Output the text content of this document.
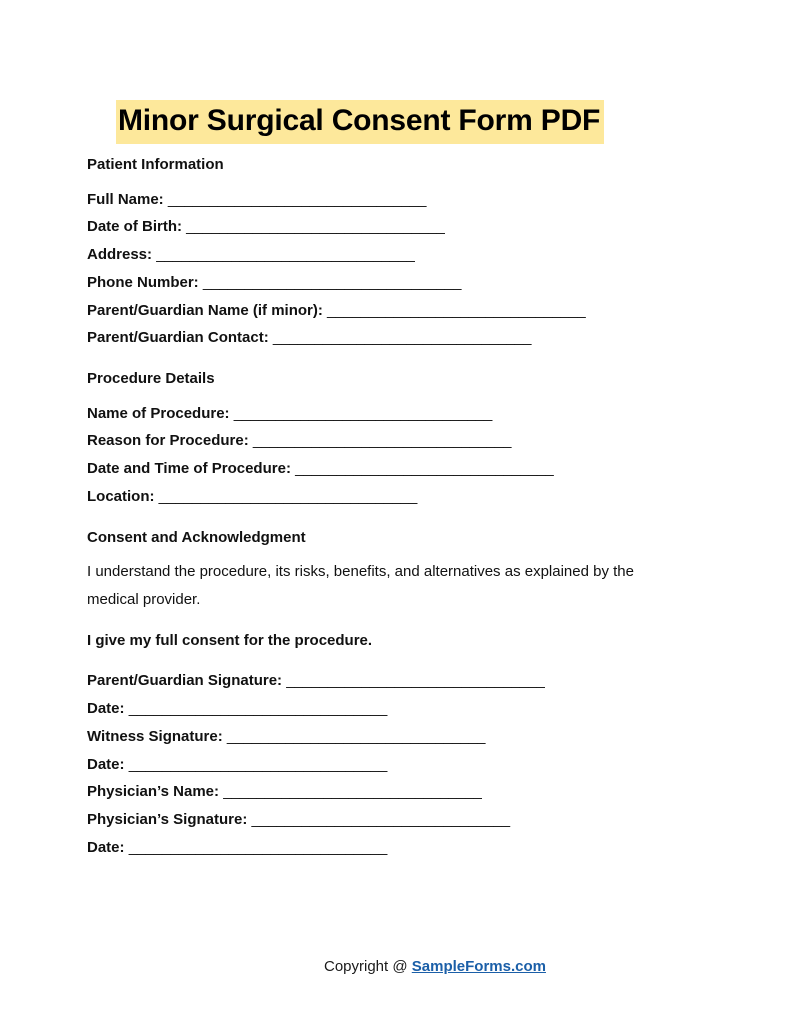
Minor Surgical Consent Form PDF
Patient Information
Full Name: _______________________________
Date of Birth: _______________________________
Address: _______________________________
Phone Number: _______________________________
Parent/Guardian Name (if minor): _______________________________
Parent/Guardian Contact: _______________________________
Procedure Details
Name of Procedure: _______________________________
Reason for Procedure: _______________________________
Date and Time of Procedure: _______________________________
Location: _______________________________
Consent and Acknowledgment

I understand the procedure, its risks, benefits, and alternatives as explained by the medical provider.

I give my full consent for the procedure.

Parent/Guardian Signature: _______________________________
Date: _______________________________
Witness Signature: _______________________________
Date: _______________________________
Physician’s Name: _______________________________
Physician’s Signature: _______________________________
Date: _______________________________
Copyright @ SampleForms.com
